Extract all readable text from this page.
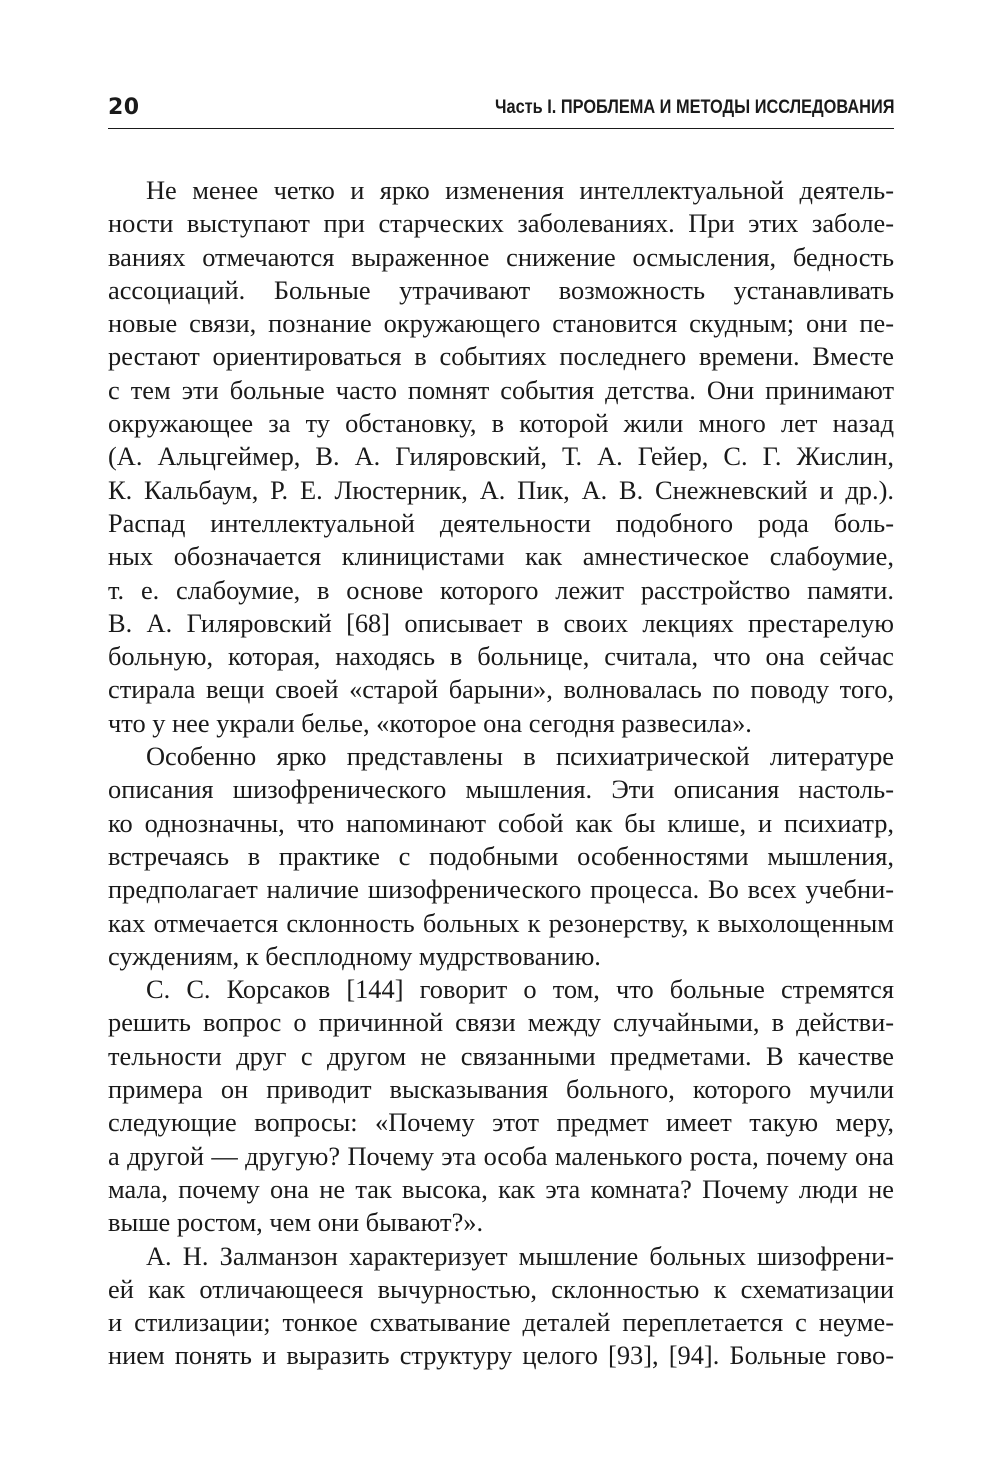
20	Часть I. ПРОБЛЕМА И МЕТОДЫ ИССЛЕДОВАНИЯ
Не менее четко и ярко изменения интеллектуальной деятель-
ности выступают при старческих заболеваниях. При этих заболе-
ваниях отмечаются выраженное снижение осмысления, бедность
ассоциаций. Больные утрачивают возможность устанавливать
новые связи, познание окружающего становится скудным; они пе-
рестают ориентироваться в событиях последнего времени. Вместе
с тем эти больные часто помнят события детства. Они принимают
окружающее за ту обстановку, в которой жили много лет назад
(А. Альцгеймер, В. А. Гиляровский, Т. А. Гейер, С. Г. Жислин,
К. Кальбаум, Р. Е. Люстерник, А. Пик, А. В. Снежневский и др.).
Распад интеллектуальной деятельности подобного рода боль-
ных обозначается клиницистами как амнестическое слабоумие,
т. е. слабоумие, в основе которого лежит расстройство памяти.
В. А. Гиляровский [68] описывает в своих лекциях престарелую
больную, которая, находясь в больнице, считала, что она сейчас
стирала вещи своей «старой барыни», волновалась по поводу того,
что у нее украли белье, «которое она сегодня развесила».
Особенно ярко представлены в психиатрической литературе
описания шизофренического мышления. Эти описания настоль-
ко однозначны, что напоминают собой как бы клише, и психиатр,
встречаясь в практике с подобными особенностями мышления,
предполагает наличие шизофренического процесса. Во всех учебни-
ках отмечается склонность больных к резонерству, к выхолощенным
суждениям, к бесплодному мудрствованию.
С. С. Корсаков [144] говорит о том, что больные стремятся
решить вопрос о причинной связи между случайными, в действи-
тельности друг с другом не связанными предметами. В качестве
примера он приводит высказывания больного, которого мучили
следующие вопросы: «Почему этот предмет имеет такую меру,
а другой — другую? Почему эта особа маленького роста, почему она
мала, почему она не так высока, как эта комната? Почему люди не
выше ростом, чем они бывают?».
А. Н. Залманзон характеризует мышление больных шизофрени-
ей как отличающееся вычурностью, склонностью к схематизации
и стилизации; тонкое схватывание деталей переплетается с неуме-
нием понять и выразить структуру целого [93], [94]. Больные гово-
